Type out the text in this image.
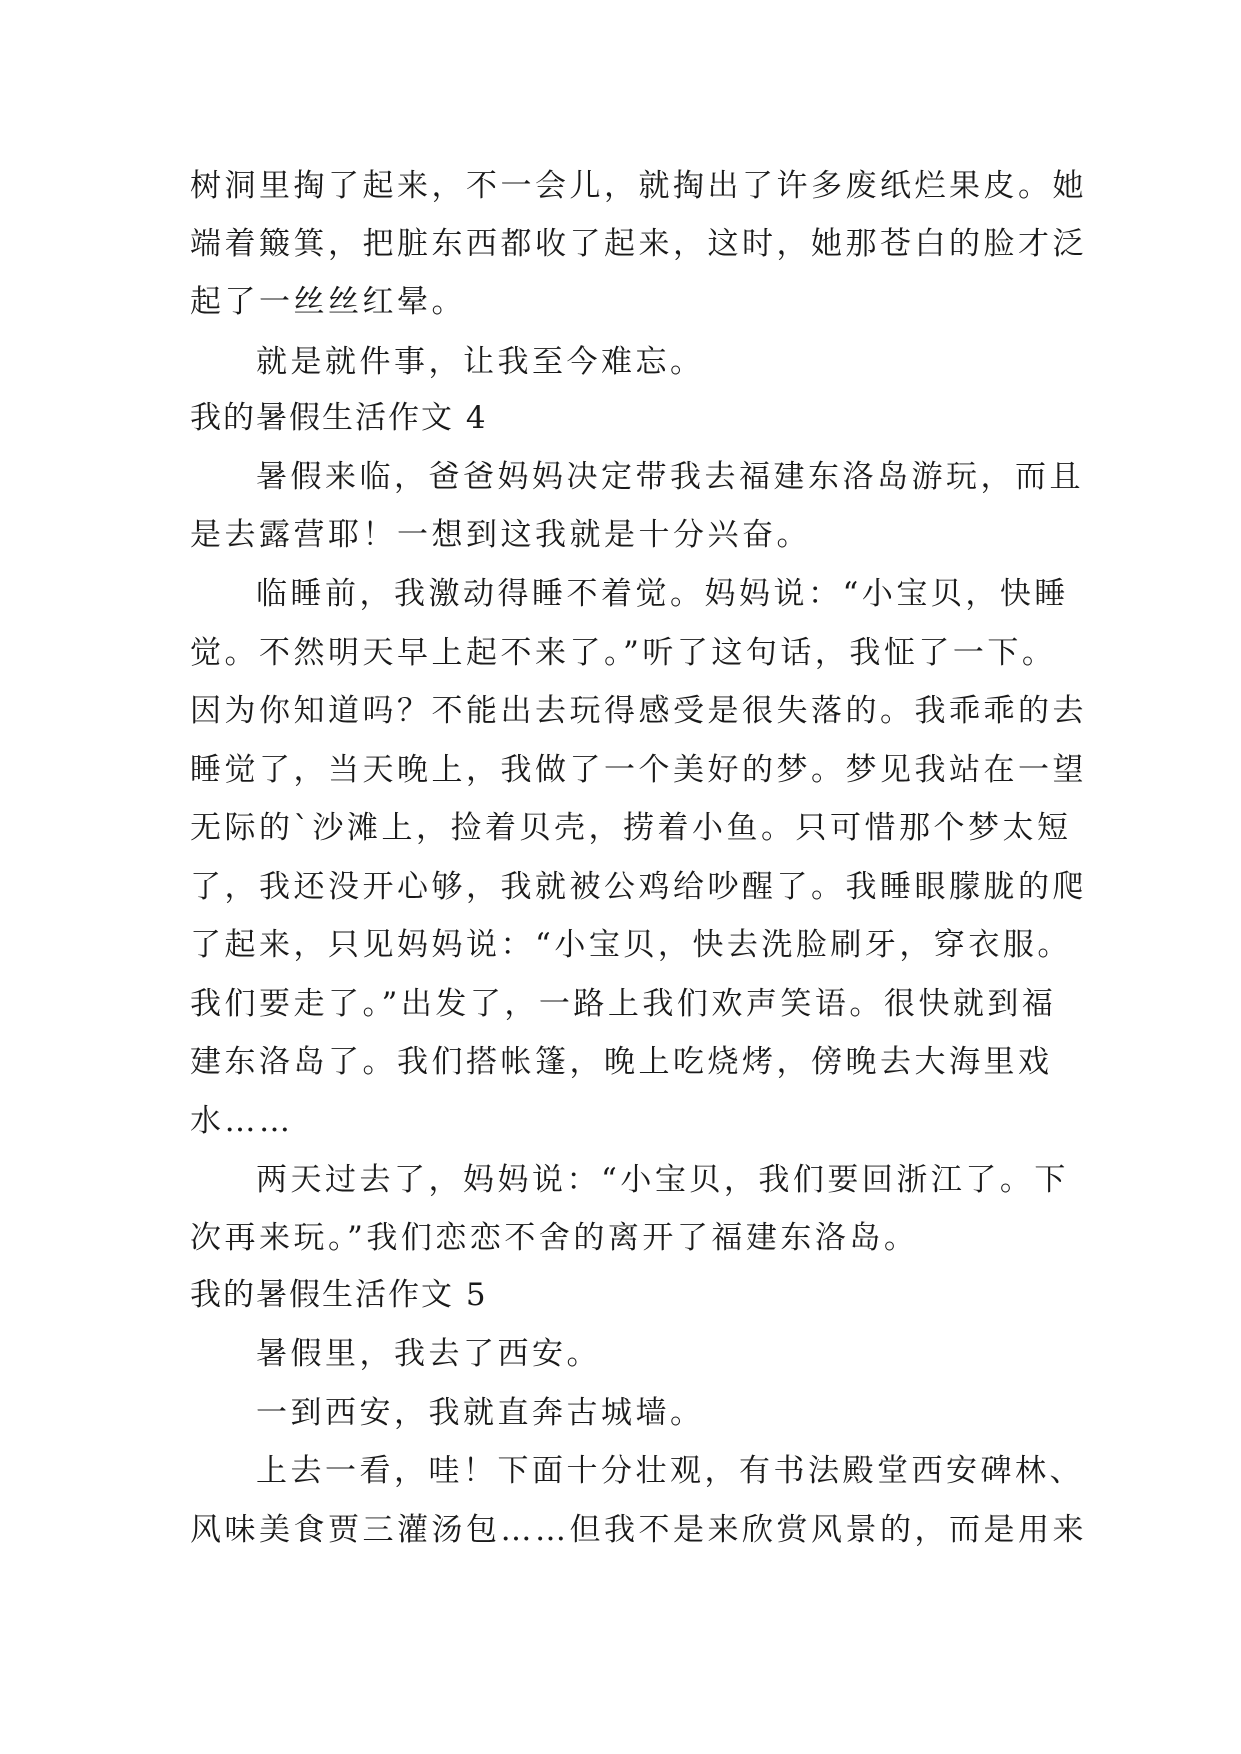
树洞里掏了起来，不一会儿，就掏出了许多废纸烂果皮。她
端着簸箕，把脏东西都收了起来，这时，她那苍白的脸才泛
起了一丝丝红晕。
就是就件事，让我至今难忘。
我的暑假生活作文 4
暑假来临，爸爸妈妈决定带我去福建东洛岛游玩，而且
是去露营耶！一想到这我就是十分兴奋。
临睡前，我激动得睡不着觉。妈妈说：“小宝贝，快睡
觉。不然明天早上起不来了。”听了这句话，我怔了一下。
因为你知道吗？不能出去玩得感受是很失落的。我乖乖的去
睡觉了，当天晚上，我做了一个美好的梦。梦见我站在一望
无际的`沙滩上，捡着贝壳，捞着小鱼。只可惜那个梦太短
了，我还没开心够，我就被公鸡给吵醒了。我睡眼朦胧的爬
了起来，只见妈妈说：“小宝贝，快去洗脸刷牙，穿衣服。
我们要走了。”出发了，一路上我们欢声笑语。很快就到福
建东洛岛了。我们搭帐篷，晚上吃烧烤，傍晚去大海里戏
水……
两天过去了，妈妈说：“小宝贝，我们要回浙江了。下
次再来玩。”我们恋恋不舍的离开了福建东洛岛。
我的暑假生活作文 5
暑假里，我去了西安。
一到西安，我就直奔古城墙。
上去一看，哇！下面十分壮观，有书法殿堂西安碑林、
风味美食贾三灌汤包……但我不是来欣赏风景的，而是用来
